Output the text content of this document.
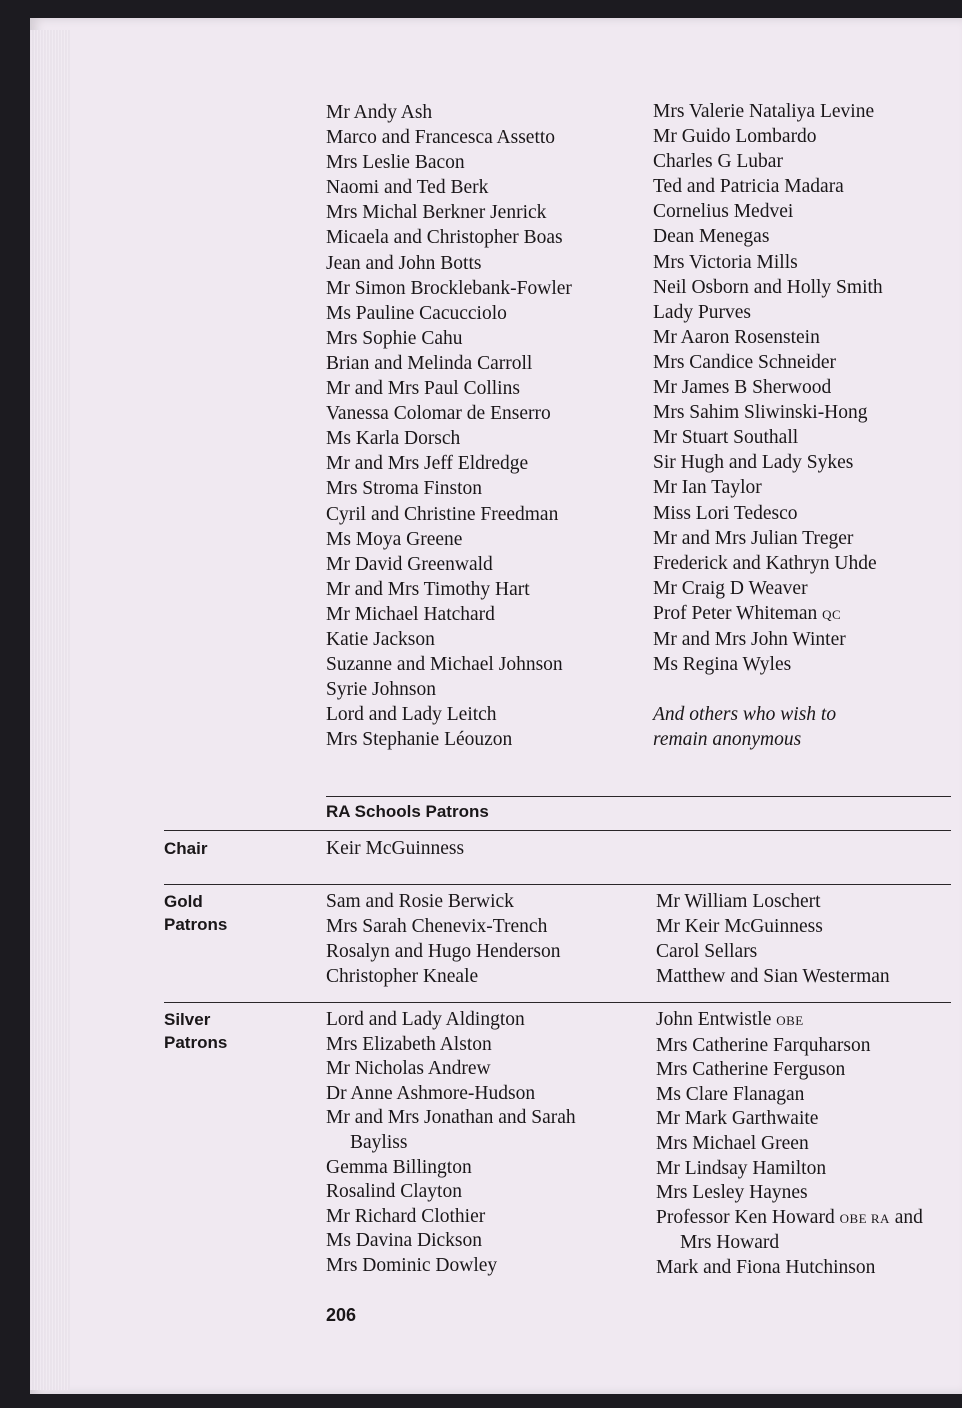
Mr Andy Ash
Marco and Francesca Assetto
Mrs Leslie Bacon
Naomi and Ted Berk
Mrs Michal Berkner Jenrick
Micaela and Christopher Boas
Jean and John Botts
Mr Simon Brocklebank-Fowler
Ms Pauline Cacucciolo
Mrs Sophie Cahu
Brian and Melinda Carroll
Mr and Mrs Paul Collins
Vanessa Colomar de Enserro
Ms Karla Dorsch
Mr and Mrs Jeff Eldredge
Mrs Stroma Finston
Cyril and Christine Freedman
Ms Moya Greene
Mr David Greenwald
Mr and Mrs Timothy Hart
Mr Michael Hatchard
Katie Jackson
Suzanne and Michael Johnson
Syrie Johnson
Lord and Lady Leitch
Mrs Stephanie Léouzon
Mrs Valerie Nataliya Levine
Mr Guido Lombardo
Charles G Lubar
Ted and Patricia Madara
Cornelius Medvei
Dean Menegas
Mrs Victoria Mills
Neil Osborn and Holly Smith
Lady Purves
Mr Aaron Rosenstein
Mrs Candice Schneider
Mr James B Sherwood
Mrs Sahim Sliwinski-Hong
Mr Stuart Southall
Sir Hugh and Lady Sykes
Mr Ian Taylor
Miss Lori Tedesco
Mr and Mrs Julian Treger
Frederick and Kathryn Uhde
Mr Craig D Weaver
Prof Peter Whiteman QC
Mr and Mrs John Winter
Ms Regina Wyles
And others who wish to
remain anonymous
RA Schools Patrons
Chair	Keir McGuinness
Gold
Patrons
Sam and Rosie Berwick
Mrs Sarah Chenevix-Trench
Rosalyn and Hugo Henderson
Christopher Kneale
Mr William Loschert
Mr Keir McGuinness
Carol Sellars
Matthew and Sian Westerman
Silver
Patrons
Lord and Lady Aldington
Mrs Elizabeth Alston
Mr Nicholas Andrew
Dr Anne Ashmore-Hudson
Mr and Mrs Jonathan and Sarah
Bayliss
Gemma Billington
Rosalind Clayton
Mr Richard Clothier
Ms Davina Dickson
Mrs Dominic Dowley
John Entwistle OBE
Mrs Catherine Farquharson
Mrs Catherine Ferguson
Ms Clare Flanagan
Mr Mark Garthwaite
Mrs Michael Green
Mr Lindsay Hamilton
Mrs Lesley Haynes
Professor Ken Howard OBE RA and
Mrs Howard
Mark and Fiona Hutchinson
206
